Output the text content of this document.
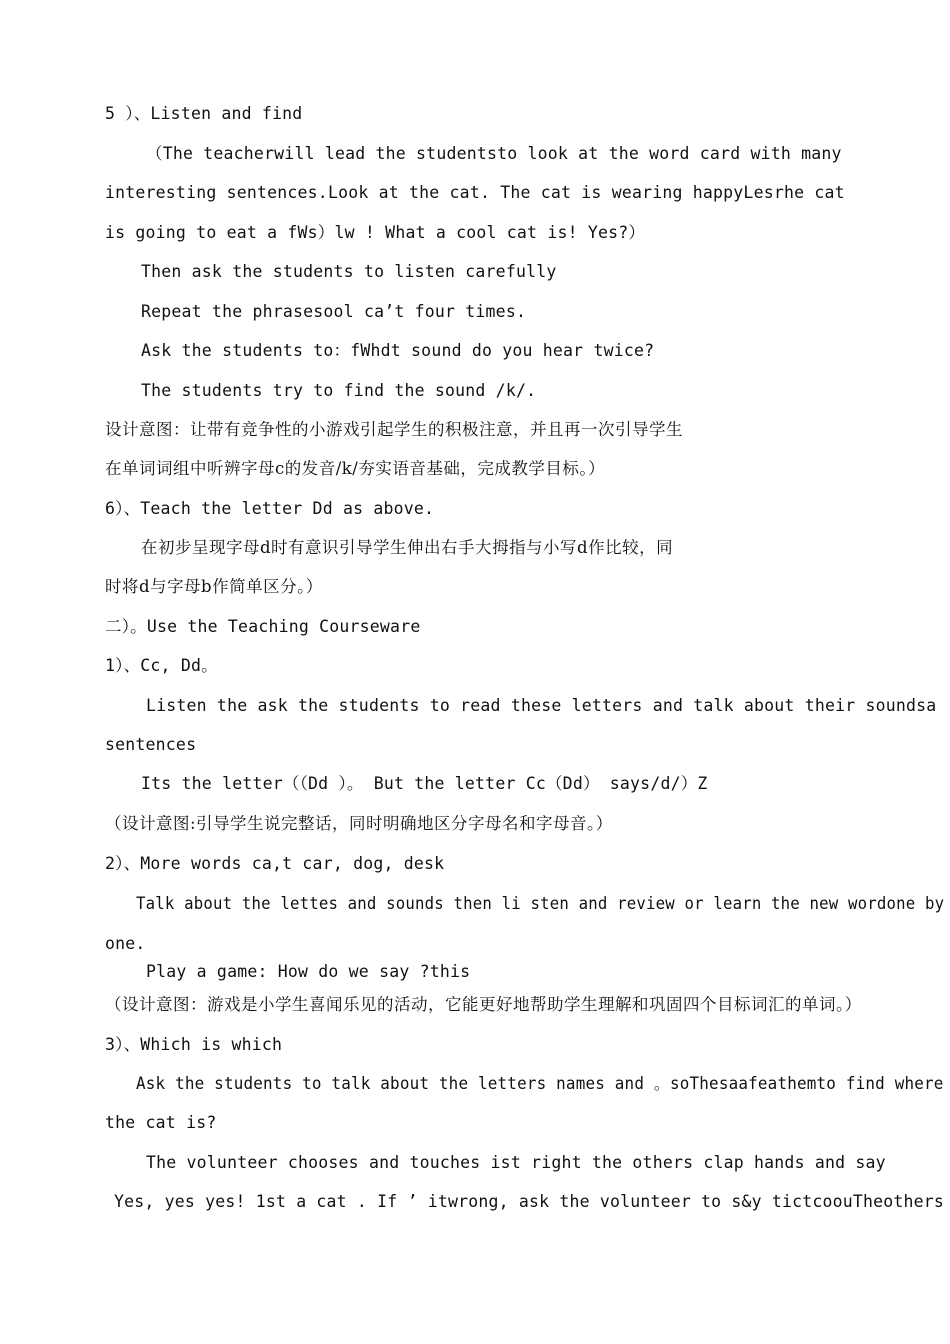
5 ）、Listen and find
（The teacherwill lead the studentsto look at the word card with many
interesting sentences.Look at the cat. The cat is wearing happyLesrhe cat
is going to eat a fWs）lw ! What a cool cat is! Yes?）
Then ask the students to listen carefully
Repeat the phrasesool ca’t four times.
Ask the students to：fWhdt sound do you hear twice?
The students try to find the sound /k/.
设计意图：让带有竞争性的小游戏引起学生的积极注意，并且再一次引导学生
在单词词组中听辨字母c的发音/k/夯实语音基础，完成教学目标。）
6）、Teach the letter Dd as above.
在初步呈现字母d时有意识引导学生伸出右手大拇指与小写d作比较，同
时将d与字母b作简单区分。）
二）。Use the Teaching Courseware
1）、Cc, Dd。
Listen the ask the students to read these letters and talk about their soundsa
sentences
Its the letter（（Dd ）。 But the letter Cc（Dd） says/d/）Z
（设计意图:引导学生说完整话，同时明确地区分字母名和字母音。）
2）、More words ca,t car, dog, desk
Talk about the lettes and sounds then li sten and review or learn the new wordone by
one.
Play a game: How do we say ?this
（设计意图：游戏是小学生喜闻乐见的活动，它能更好地帮助学生理解和巩固四个目标词汇的单词。）
3）、Which is which
Ask the students to talk about the letters names and 。soThesaafeathemto find where
the cat is?
The volunteer chooses and touches ist right the others clap hands and say
Yes, yes yes! 1st a cat . If ’ itwrong, ask the volunteer to s&y tictcoouTheothers
